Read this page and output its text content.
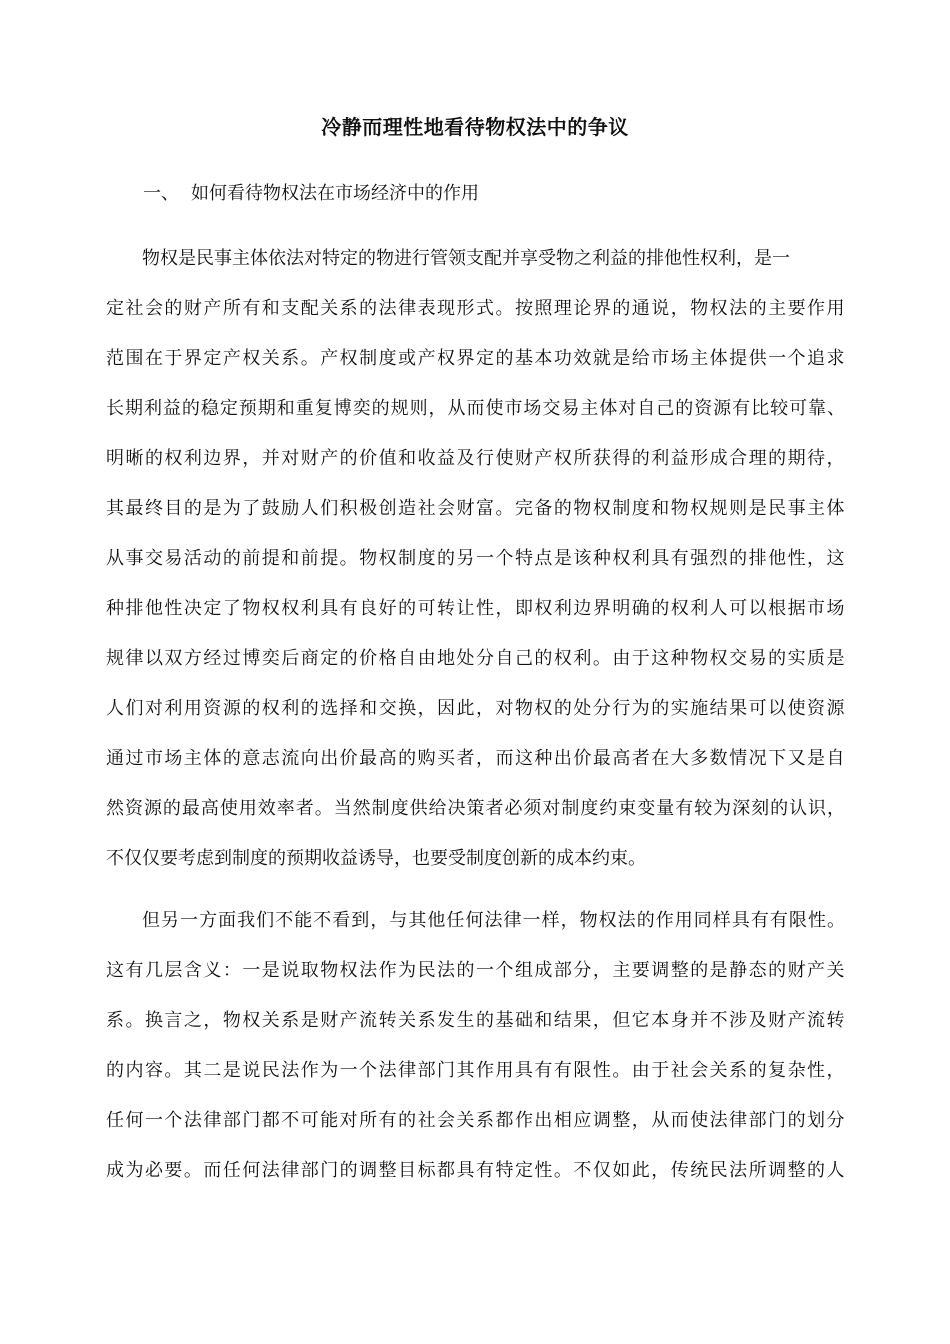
冷静而理性地看待物权法中的争议
一、 如何看待物权法在市场经济中的作用
物权是民事主体依法对特定的物进行管领支配并享受物之利益的排他性权利，是一
定社会的财产所有和支配关系的法律表现形式。按照理论界的通说，物权法的主要作用
范围在于界定产权关系。产权制度或产权界定的基本功效就是给市场主体提供一个追求
长期利益的稳定预期和重复博奕的规则，从而使市场交易主体对自己的资源有比较可靠、
明晰的权利边界，并对财产的价值和收益及行使财产权所获得的利益形成合理的期待，
其最终目的是为了鼓励人们积极创造社会财富。完备的物权制度和物权规则是民事主体
从事交易活动的前提和前提。物权制度的另一个特点是该种权利具有强烈的排他性，这
种排他性决定了物权权利具有良好的可转让性，即权利边界明确的权利人可以根据市场
规律以双方经过博奕后商定的价格自由地处分自己的权利。由于这种物权交易的实质是
人们对利用资源的权利的选择和交换，因此，对物权的处分行为的实施结果可以使资源
通过市场主体的意志流向出价最高的购买者，而这种出价最高者在大多数情况下又是自
然资源的最高使用效率者。当然制度供给决策者必须对制度约束变量有较为深刻的认识，
不仅仅要考虑到制度的预期收益诱导，也要受制度创新的成本约束。
但另一方面我们不能不看到，与其他任何法律一样，物权法的作用同样具有有限性。
这有几层含义：一是说取物权法作为民法的一个组成部分，主要调整的是静态的财产关
系。换言之，物权关系是财产流转关系发生的基础和结果，但它本身并不涉及财产流转
的内容。其二是说民法作为一个法律部门其作用具有有限性。由于社会关系的复杂性，
任何一个法律部门都不可能对所有的社会关系都作出相应调整，从而使法律部门的划分
成为必要。而任何法律部门的调整目标都具有特定性。不仅如此，传统民法所调整的人
